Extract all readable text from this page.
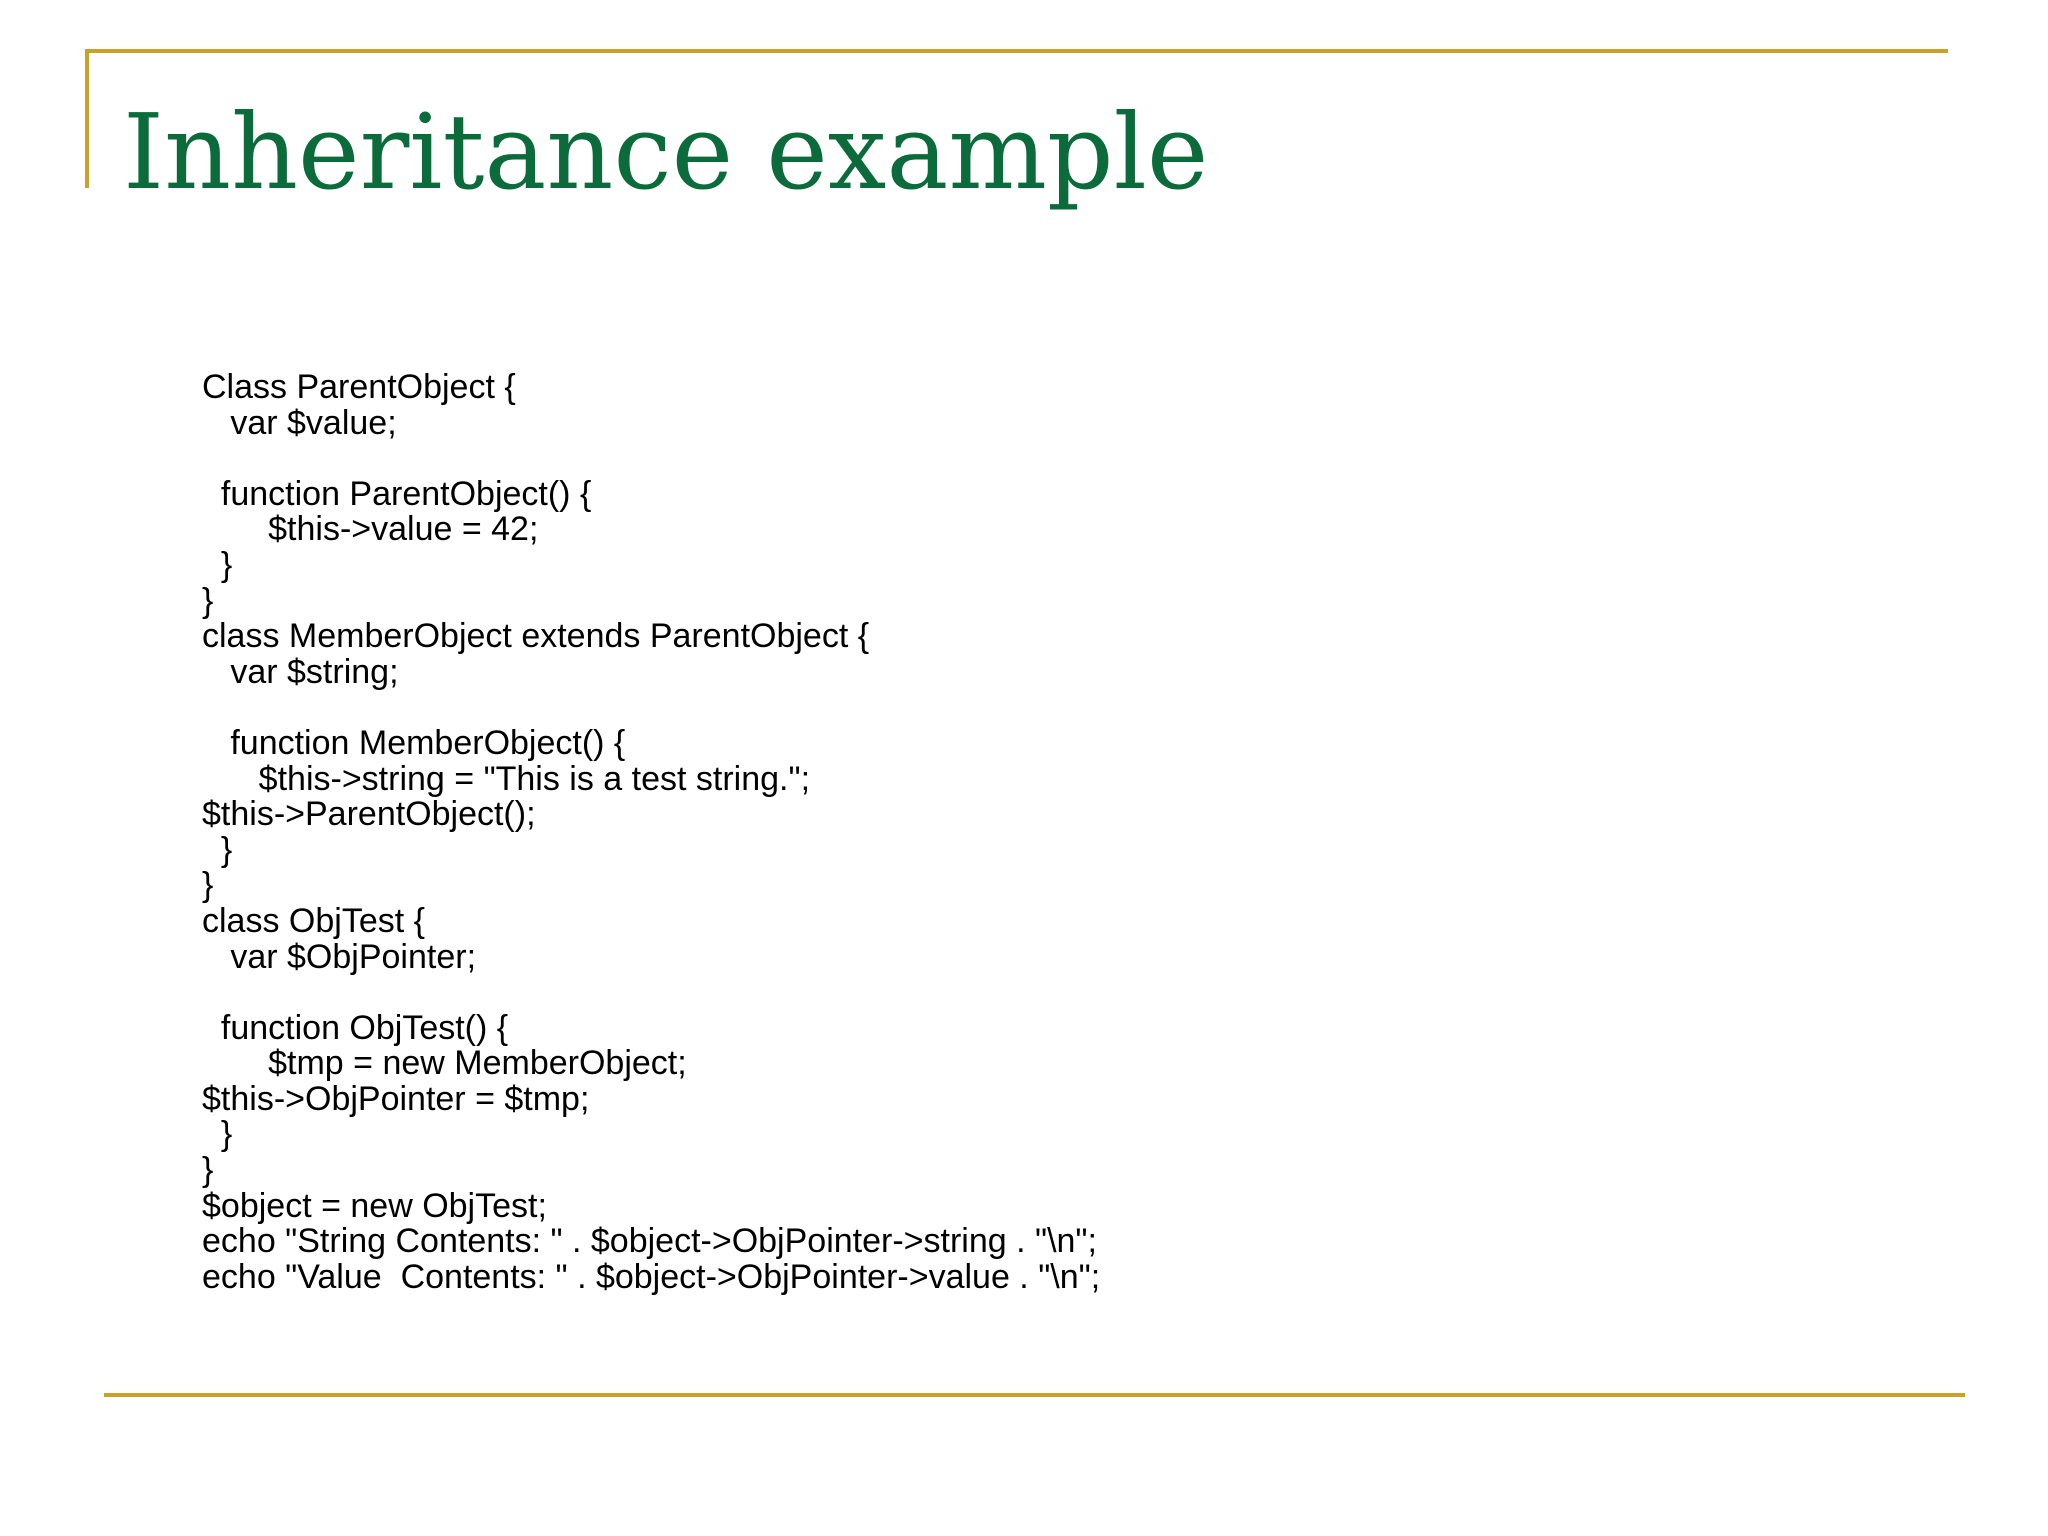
Inheritance example
Class ParentObject {
var $value;
function ParentObject() {
$this->value = 42;
}
}
class MemberObject extends ParentObject {
var $string;
function MemberObject() {
$this->string = "This is a test string.";
$this->ParentObject();
}
}
class ObjTest {
var $ObjPointer;
function ObjTest() {
$tmp = new MemberObject;
$this->ObjPointer = $tmp;
}
}
$object = new ObjTest;
echo "String Contents: " . $object->ObjPointer->string . "\n";
echo "Value  Contents: " . $object->ObjPointer->value . "\n";
